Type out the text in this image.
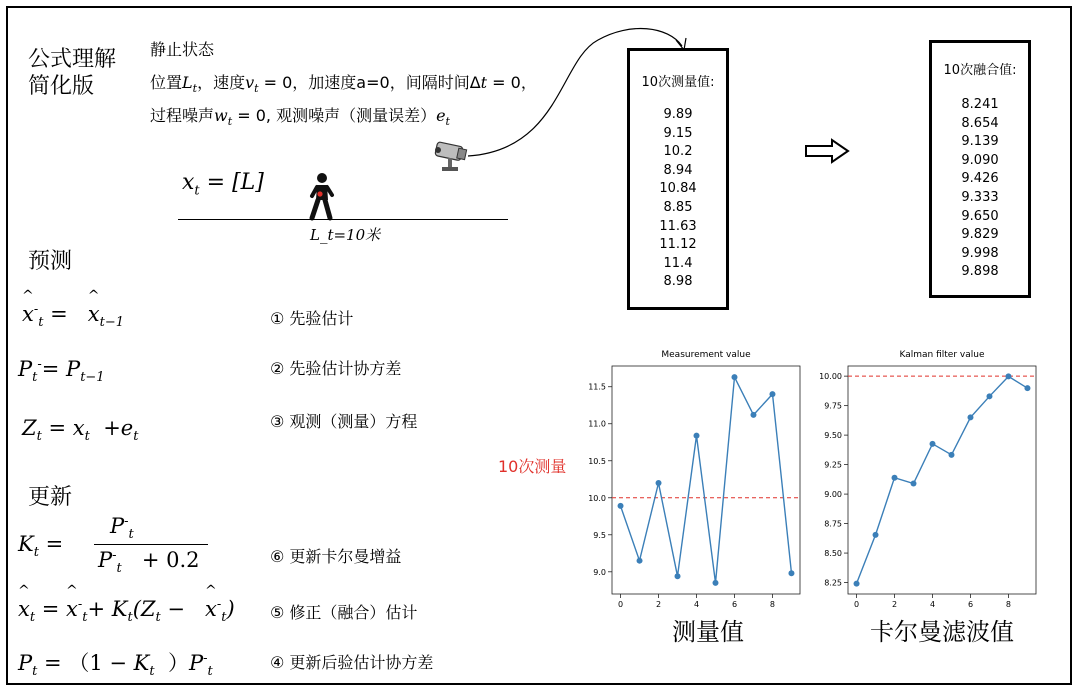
公式理解
简化版
静止状态
位置$L_t$，速度$v_t = 0$，加速度a=0，间隔时间Δt = 0，
过程噪声$w_t = 0$, 观测噪声（测量误差）$e_t$
$x_t = [L]$
L_t=10米
预测
x
^
-$_t$ =   x
^
$_{t-1}$	① 先验估计
$P_t^-= P_{t-1}$	② 先验估计协方差
$Z_t = x_t +e_t$
③ 观测（测量）方程
更新
$K_t$ =
$P^-_t$
$P^-_t + 0.2$	⑥ 更新卡尔曼增益
x
^
$_t$ = x
^
$^-_t+ K_t(Z_t - x$
^
-$_t$) ⑤ 修正（融合）估计
$P_t = (1 - K_t$ ）$P^-_t$	④ 更新后验估计协方差
10次测量值:
9.89
9.15
10.2
8.94
10.84
8.85
11.63
11.12
11.4
8.98
10次融合值:
8.241
8.654
9.139
9.090
9.426
9.333
9.650
9.829
9.998
9.898
10次测量
Measurement value
9.0
9.5
10.0
10.5
11.0
11.5
0	2	4	6	8
Kalman filter value
8.25
8.50
8.75
9.00
9.25
9.50
9.75
10.00
0	2	4	6	8
测量值	卡尔曼滤波值
